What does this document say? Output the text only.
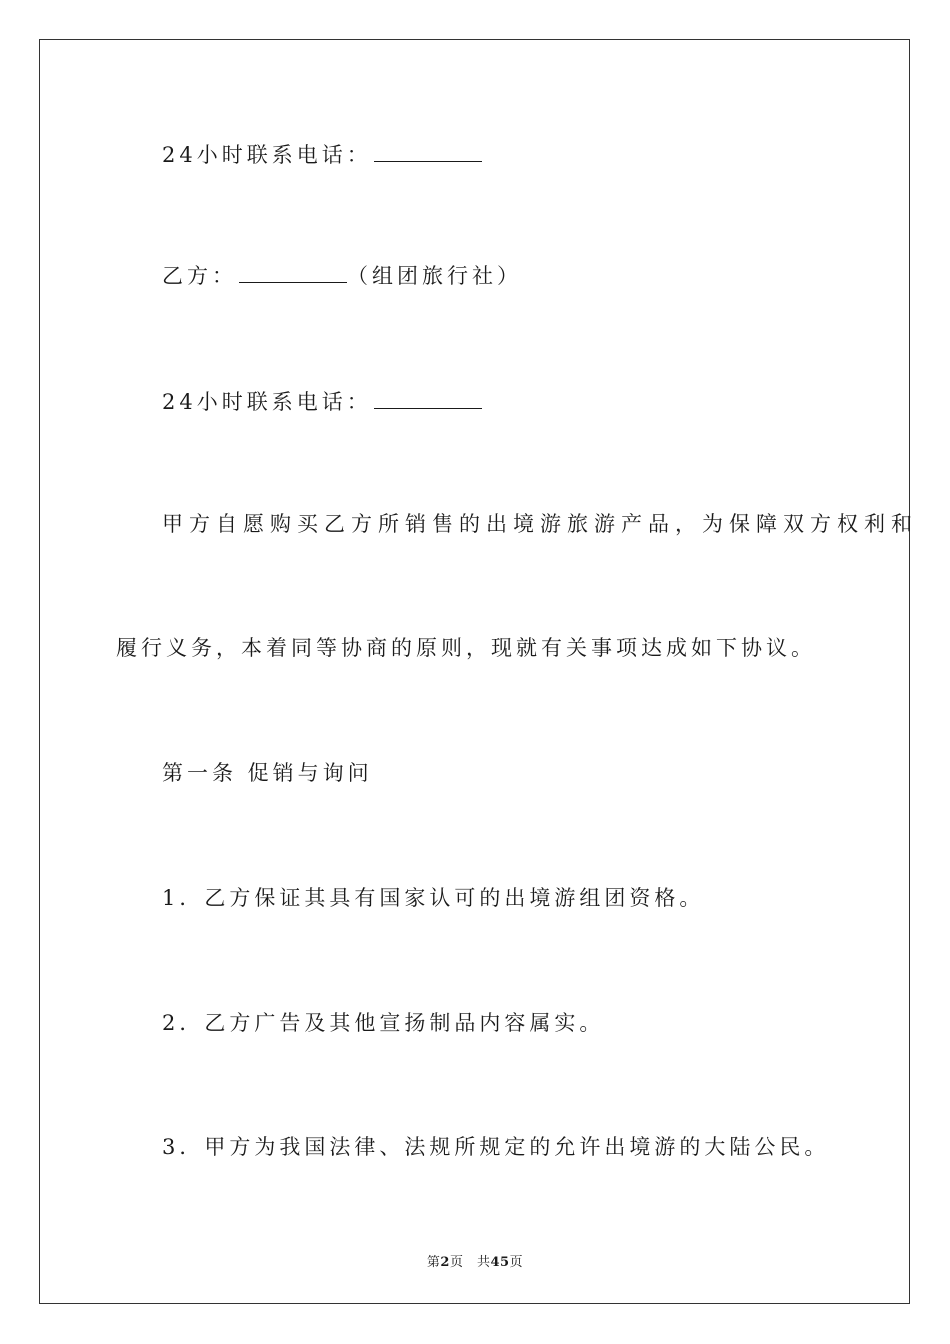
24小时联系电话：
乙方：	（组团旅行社）
24小时联系电话：
甲方自愿购买乙方所销售的出境游旅游产品，为保障双方权利和
履行义务，本着同等协商的原则，现就有关事项达成如下协议。
第一条 促销与询问
1．乙方保证其具有国家认可的出境游组团资格。
2．乙方广告及其他宣扬制品内容属实。
3．甲方为我国法律、法规所规定的允许出境游的大陆公民。
第2页　共45页
